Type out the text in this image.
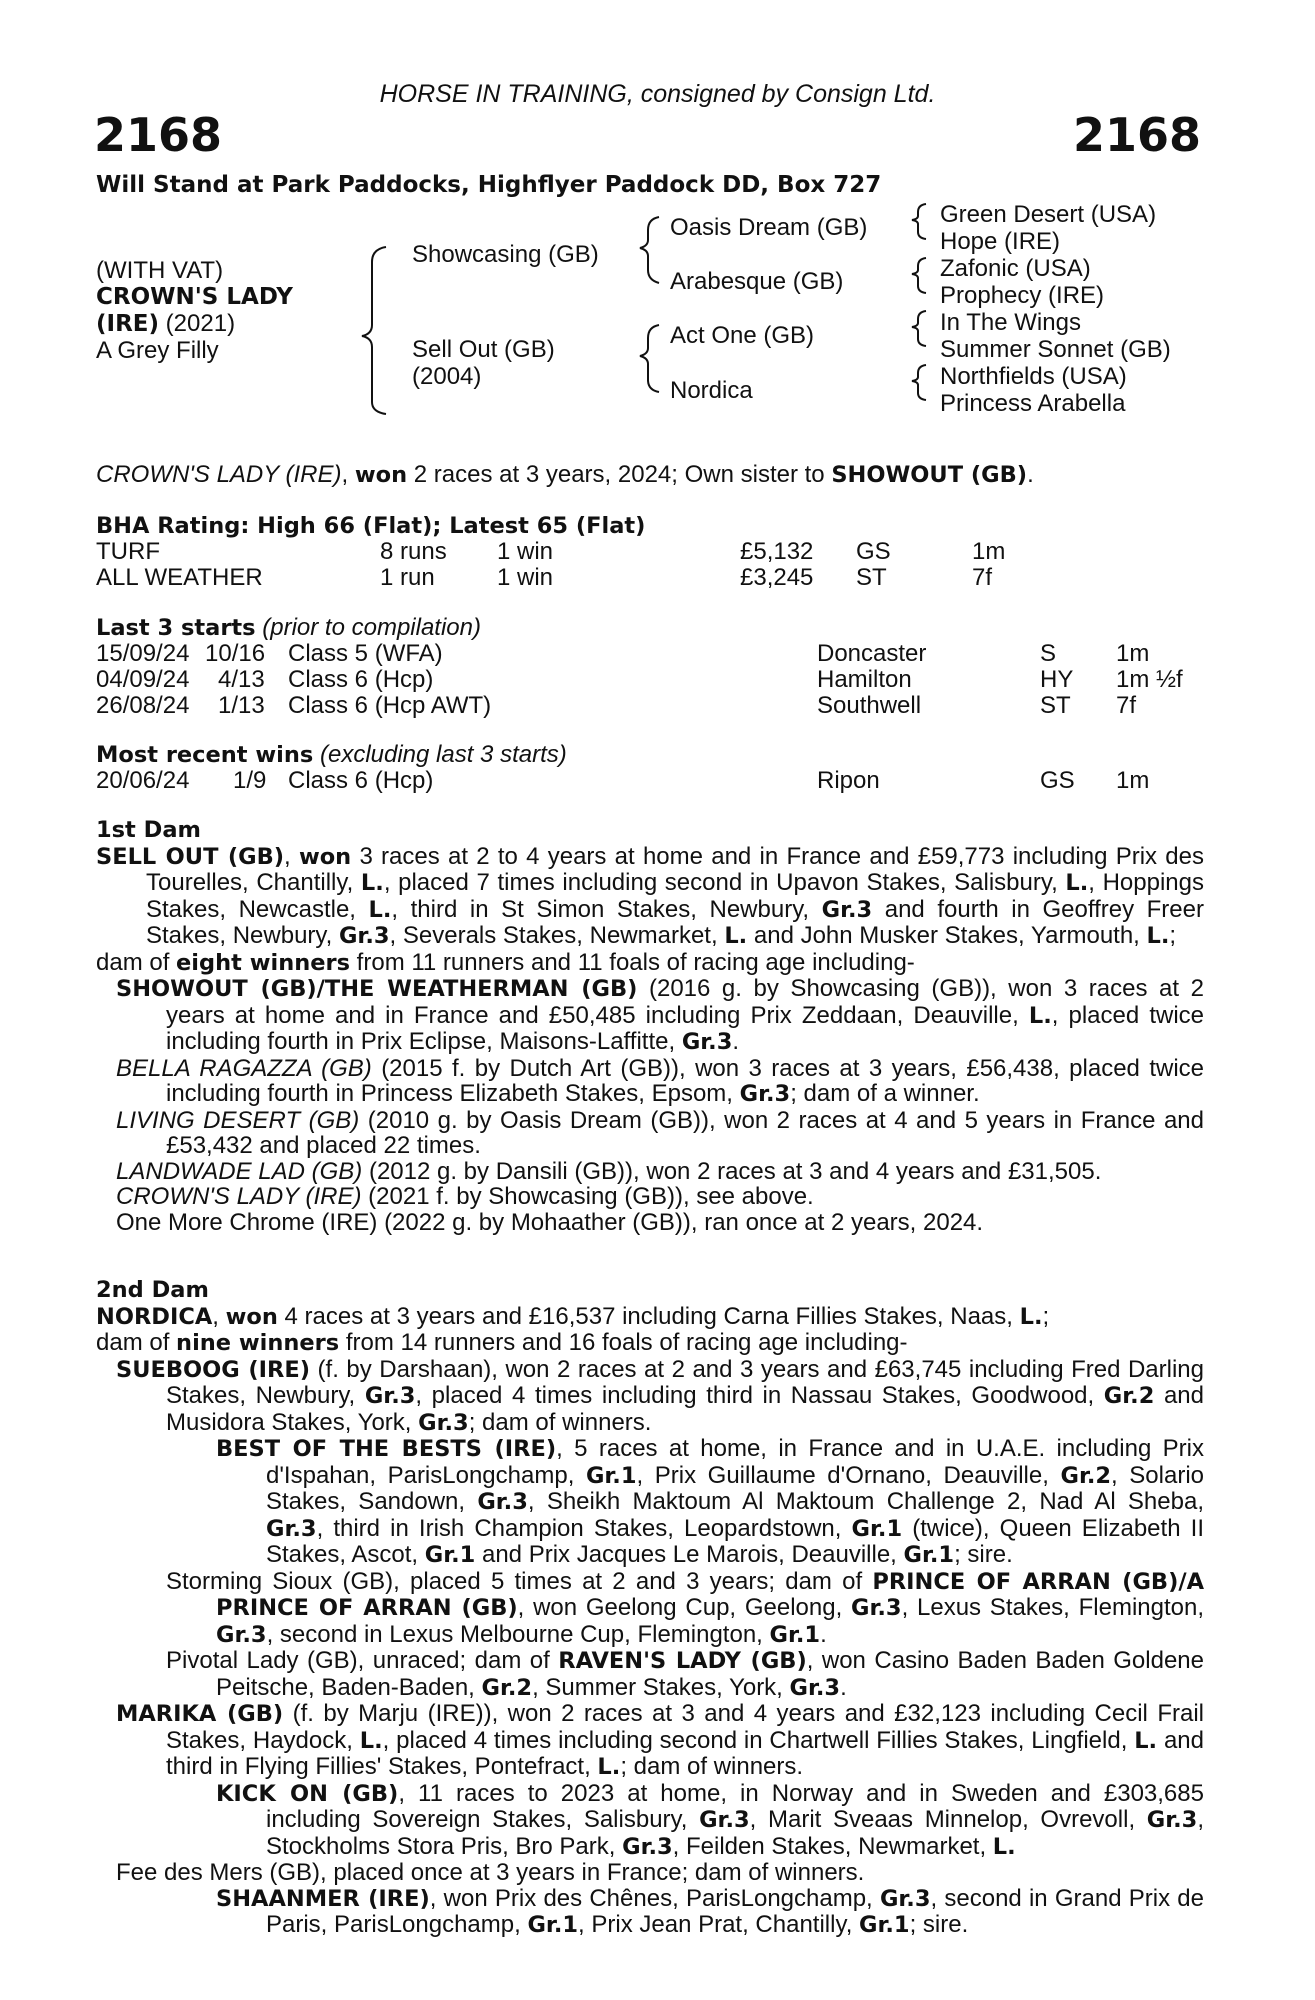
HORSE IN TRAINING, consigned by Consign Ltd.
2168	2168
Will Stand at Park Paddocks, Highflyer Paddock DD, Box 727
(WITH VAT)
CROWN'S LADY
(IRE) (2021)
A Grey Filly
Showcasing (GB)
Sell Out (GB)
(2004)
Oasis Dream (GB)
Arabesque (GB)
Act One (GB)
Nordica
Green Desert (USA)
Hope (IRE)
Zafonic (USA)
Prophecy (IRE)
In The Wings
Summer Sonnet (GB)
Northfields (USA)
Princess Arabella
CROWN'S LADY (IRE), won 2 races at 3 years, 2024; Own sister to SHOWOUT (GB).
BHA Rating: High 66 (Flat); Latest 65 (Flat)
TURF	8 runs 1 win	£5,132 GS	1m
ALL WEATHER	1 run	1 win	£3,245 ST	7f
Last 3 starts (prior to compilation)
15/09/24 10/16 Class 5 (WFA)	Doncaster	S 1m
04/09/24 4/13 Class 6 (Hcp)	Hamilton	HY 1m ½f
26/08/24 1/13 Class 6 (Hcp AWT)	Southwell	ST 7f
Most recent wins (excluding last 3 starts)
20/06/24 1/9 Class 6 (Hcp)	Ripon	GS 1m

1st Dam

SELL OUT (GB), won 3 races at 2 to 4 years at home and in France and £59,773 including Prix des Tourelles, Chantilly, L., placed 7 times including second in Upavon Stakes, Salisbury, L., Hoppings Stakes, Newcastle, L., third in St Simon Stakes, Newbury, Gr.3 and fourth in Geoffrey Freer Stakes, Newbury, Gr.3, Severals Stakes, Newmarket, L. and John Musker Stakes, Yarmouth, L.;

dam of eight winners from 11 runners and 11 foals of racing age including-

SHOWOUT (GB)/THE WEATHERMAN (GB) (2016 g. by Showcasing (GB)), won 3 races at 2 years at home and in France and £50,485 including Prix Zeddaan, Deauville, L., placed twice including fourth in Prix Eclipse, Maisons-Laffitte, Gr.3.

BELLA RAGAZZA (GB) (2015 f. by Dutch Art (GB)), won 3 races at 3 years, £56,438, placed twice including fourth in Princess Elizabeth Stakes, Epsom, Gr.3; dam of a winner.

LIVING DESERT (GB) (2010 g. by Oasis Dream (GB)), won 2 races at 4 and 5 years in France and £53,432 and placed 22 times.

LANDWADE LAD (GB) (2012 g. by Dansili (GB)), won 2 races at 3 and 4 years and £31,505.

CROWN'S LADY (IRE) (2021 f. by Showcasing (GB)), see above.

One More Chrome (IRE) (2022 g. by Mohaather (GB)), ran once at 2 years, 2024.

2nd Dam

NORDICA, won 4 races at 3 years and £16,537 including Carna Fillies Stakes, Naas, L.;

dam of nine winners from 14 runners and 16 foals of racing age including-

SUEBOOG (IRE) (f. by Darshaan), won 2 races at 2 and 3 years and £63,745 including Fred Darling Stakes, Newbury, Gr.3, placed 4 times including third in Nassau Stakes, Goodwood, Gr.2 and Musidora Stakes, York, Gr.3; dam of winners.

BEST OF THE BESTS (IRE), 5 races at home, in France and in U.A.E. including Prix d'Ispahan, ParisLongchamp, Gr.1, Prix Guillaume d'Ornano, Deauville, Gr.2, Solario Stakes, Sandown, Gr.3, Sheikh Maktoum Al Maktoum Challenge 2, Nad Al Sheba, Gr.3, third in Irish Champion Stakes, Leopardstown, Gr.1 (twice), Queen Elizabeth II Stakes, Ascot, Gr.1 and Prix Jacques Le Marois, Deauville, Gr.1; sire.

Storming Sioux (GB), placed 5 times at 2 and 3 years; dam of PRINCE OF ARRAN (GB)/A PRINCE OF ARRAN (GB), won Geelong Cup, Geelong, Gr.3, Lexus Stakes, Flemington, Gr.3, second in Lexus Melbourne Cup, Flemington, Gr.1.

Pivotal Lady (GB), unraced; dam of RAVEN'S LADY (GB), won Casino Baden Baden Goldene Peitsche, Baden-Baden, Gr.2, Summer Stakes, York, Gr.3.

MARIKA (GB) (f. by Marju (IRE)), won 2 races at 3 and 4 years and £32,123 including Cecil Frail Stakes, Haydock, L., placed 4 times including second in Chartwell Fillies Stakes, Lingfield, L. and third in Flying Fillies' Stakes, Pontefract, L.; dam of winners.

KICK ON (GB), 11 races to 2023 at home, in Norway and in Sweden and £303,685 including Sovereign Stakes, Salisbury, Gr.3, Marit Sveaas Minnelop, Ovrevoll, Gr.3, Stockholms Stora Pris, Bro Park, Gr.3, Feilden Stakes, Newmarket, L.

Fee des Mers (GB), placed once at 3 years in France; dam of winners.

SHAANMER (IRE), won Prix des Chênes, ParisLongchamp, Gr.3, second in Grand Prix de Paris, ParisLongchamp, Gr.1, Prix Jean Prat, Chantilly, Gr.1; sire.
